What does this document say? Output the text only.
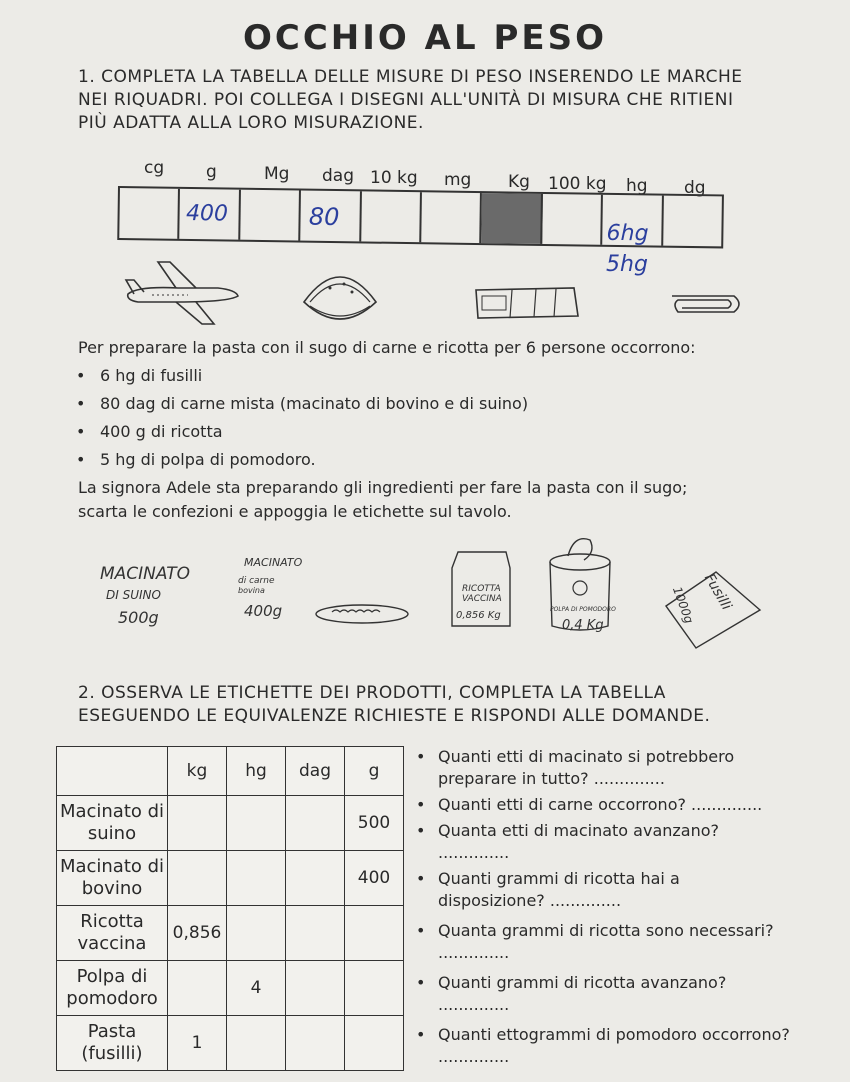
OCCHIO AL PESO
1. COMPLETA LA TABELLA DELLE MISURE DI PESO INSERENDO LE MARCHE
NEI RIQUADRI. POI COLLEGA I DISEGNI ALL'UNITÀ DI MISURA CHE RITIENI
PIÙ ADATTA ALLA LORO MISURAZIONE.
cg g	Mg dag 10 kg mg Kg 100 kg hg dg
400	80
6hg
5hg
Per preparare la pasta con il sugo di carne e ricotta per 6 persone occorrono:
• 6 hg di fusilli
• 80 dag di carne mista (macinato di bovino e di suino)
• 400 g di ricotta
• 5 hg di polpa di pomodoro.
La signora Adele sta preparando gli ingredienti per fare la pasta con il sugo;
scarta le confezioni e appoggia le etichette sul tavolo.
MACINATO
DI SUINO
500g
MACINATO
di carne
bovina
400g
RICOTTA
VACCINA
0,856 Kg
POLPA DI POMODORO
0,4 Kg
Fusilli
1000g
2. OSSERVA LE ETICHETTE DEI PRODOTTI, COMPLETA LA TABELLA
ESEGUENDO LE EQUIVALENZE RICHIESTE E RISPONDI ALLE DOMANDE.
	kg	hg	dag	g
Macinato di suino				500
Macinato di bovino				400
Ricotta vaccina	0,856			
Polpa di pomodoro		4		
Pasta (fusilli)	1			
• Quanti etti di macinato si potrebbero preparare in tutto? ..............
• Quanti etti di carne occorrono? ..............
• Quanta etti di macinato avanzano? ..............
• Quanti grammi di ricotta hai a disposizione? ..............
• Quanta grammi di ricotta sono necessari? ..............
• Quanti grammi di ricotta avanzano? ..............
• Quanti ettogrammi di pomodoro occorrono? ..............
